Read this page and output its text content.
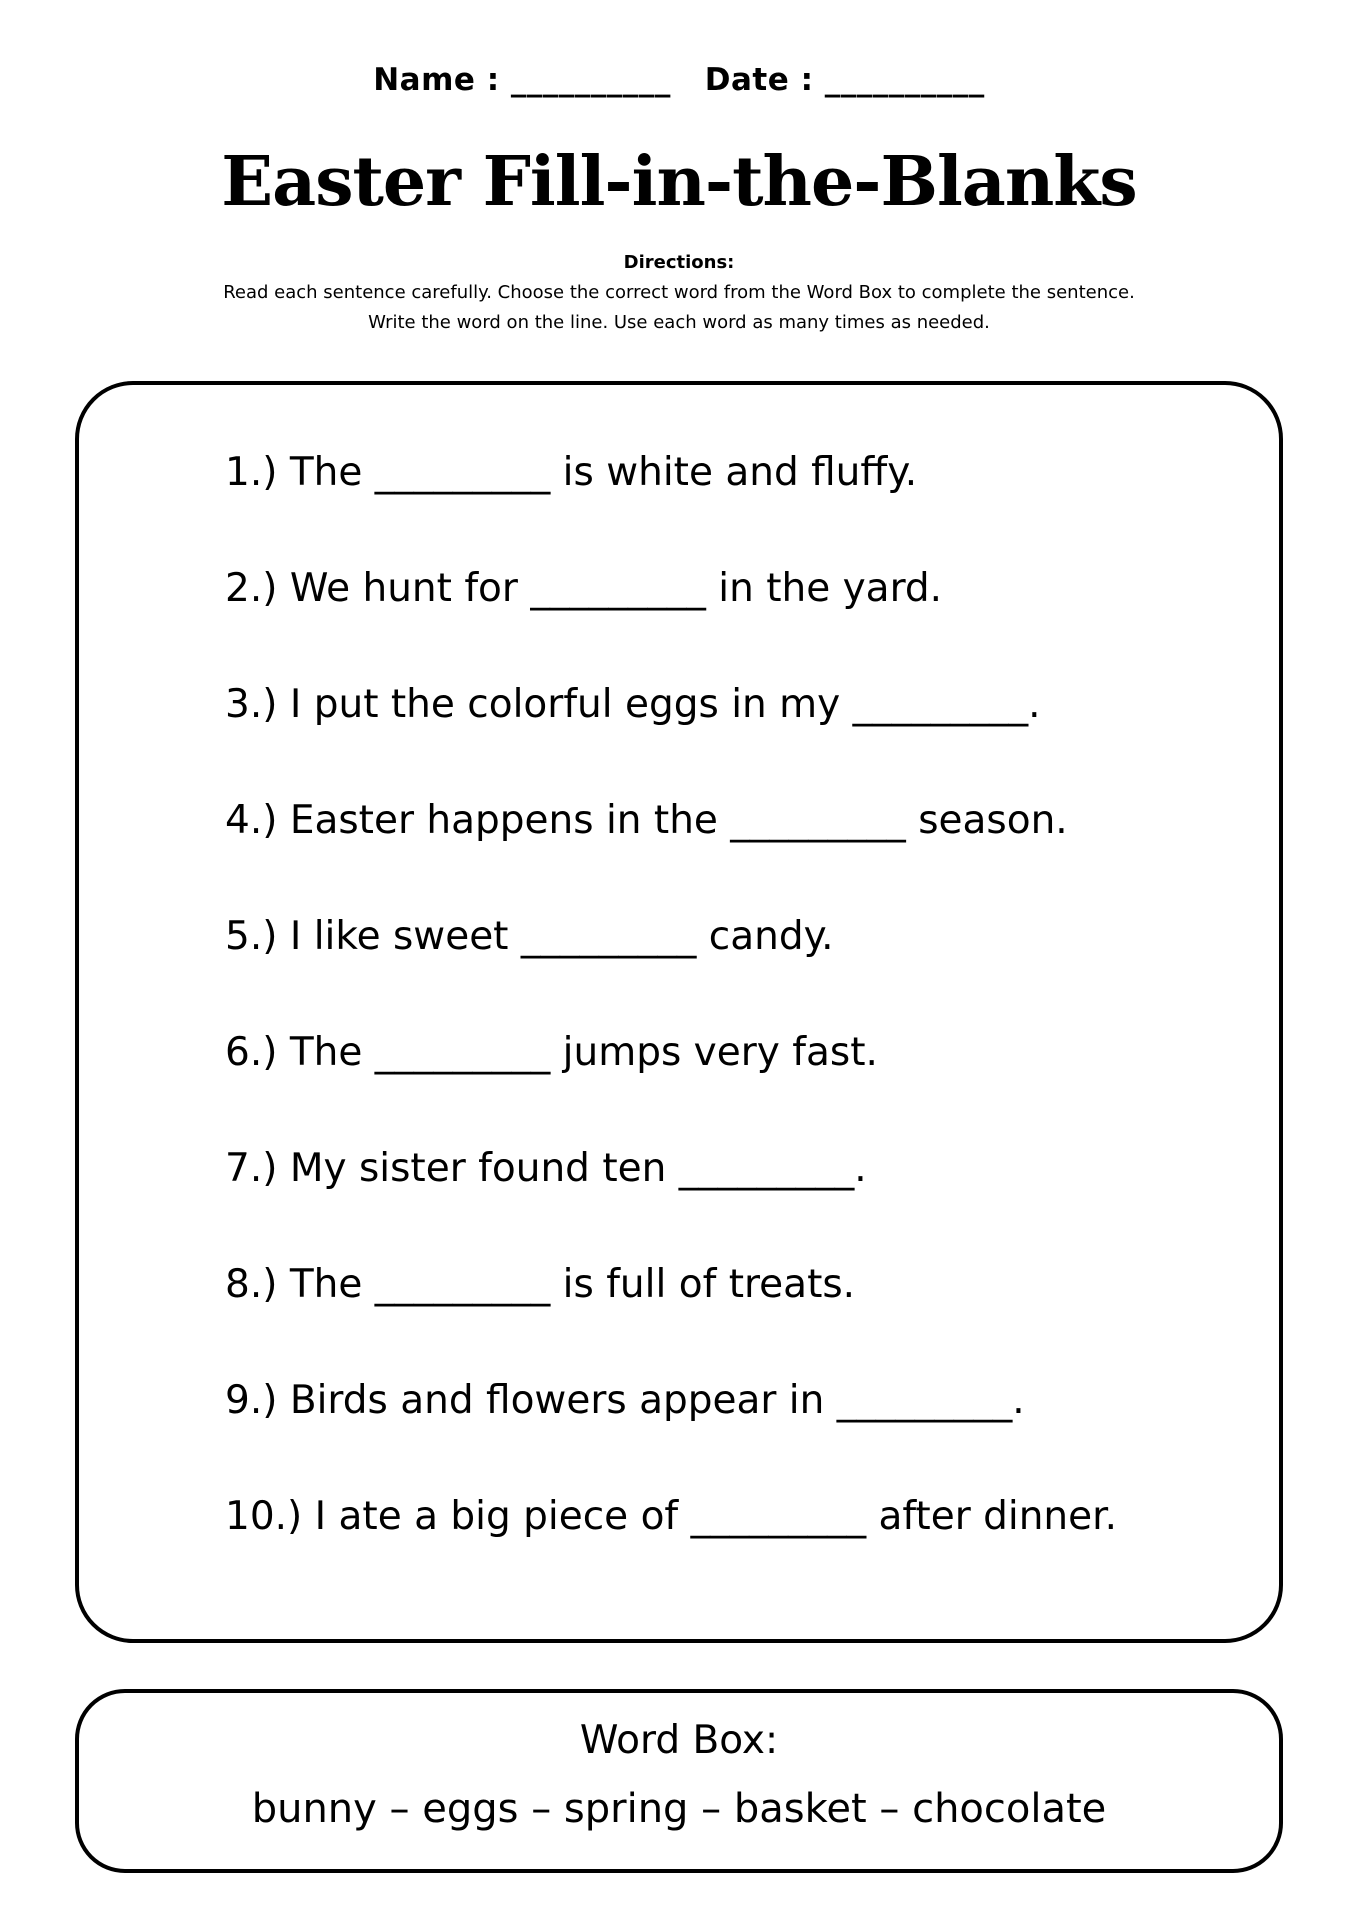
Name : __________ Date : __________
Easter Fill-in-the-Blanks
Directions:
Read each sentence carefully. Choose the correct word from the Word Box to complete the sentence.
Write the word on the line. Use each word as many times as needed.
1.) The _________ is white and fluffy.
2.) We hunt for _________ in the yard.
3.) I put the colorful eggs in my _________.
4.) Easter happens in the _________ season.
5.) I like sweet _________ candy.
6.) The _________ jumps very fast.
7.) My sister found ten _________.
8.) The _________ is full of treats.
9.) Birds and flowers appear in _________.
10.) I ate a big piece of _________ after dinner.
Word Box:
bunny – eggs – spring – basket – chocolate
